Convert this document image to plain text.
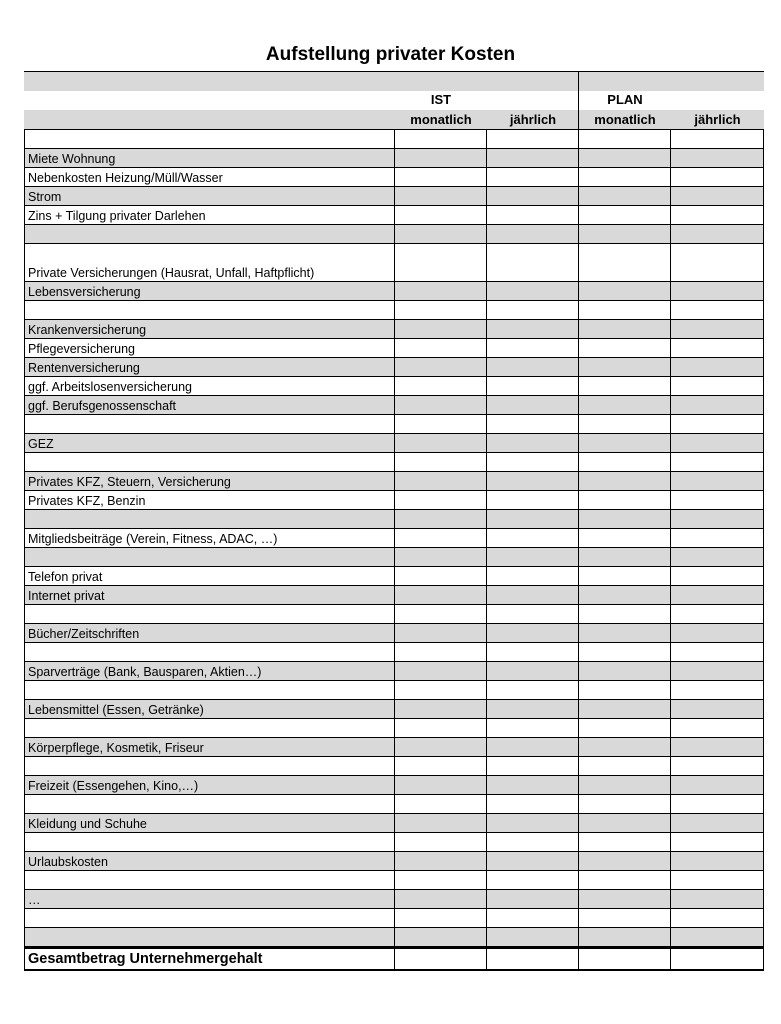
Aufstellung privater Kosten
IST	PLAN
monatlich	jährlich	monatlich	jährlich
Miete Wohnung
Nebenkosten Heizung/Müll/Wasser
Strom
Zins + Tilgung privater Darlehen
Private Versicherungen (Hausrat, Unfall, Haftpflicht)
Lebensversicherung
Krankenversicherung
Pflegeversicherung
Rentenversicherung
ggf. Arbeitslosenversicherung
ggf. Berufsgenossenschaft
GEZ
Privates KFZ, Steuern, Versicherung
Privates KFZ, Benzin
Mitgliedsbeiträge (Verein, Fitness, ADAC, …)
Telefon privat
Internet privat
Bücher/Zeitschriften
Sparverträge (Bank, Bausparen, Aktien…)
Lebensmittel (Essen, Getränke)
Körperpflege, Kosmetik, Friseur
Freizeit (Essengehen, Kino,…)
Kleidung und Schuhe
Urlaubskosten
…
Gesamtbetrag Unternehmergehalt
